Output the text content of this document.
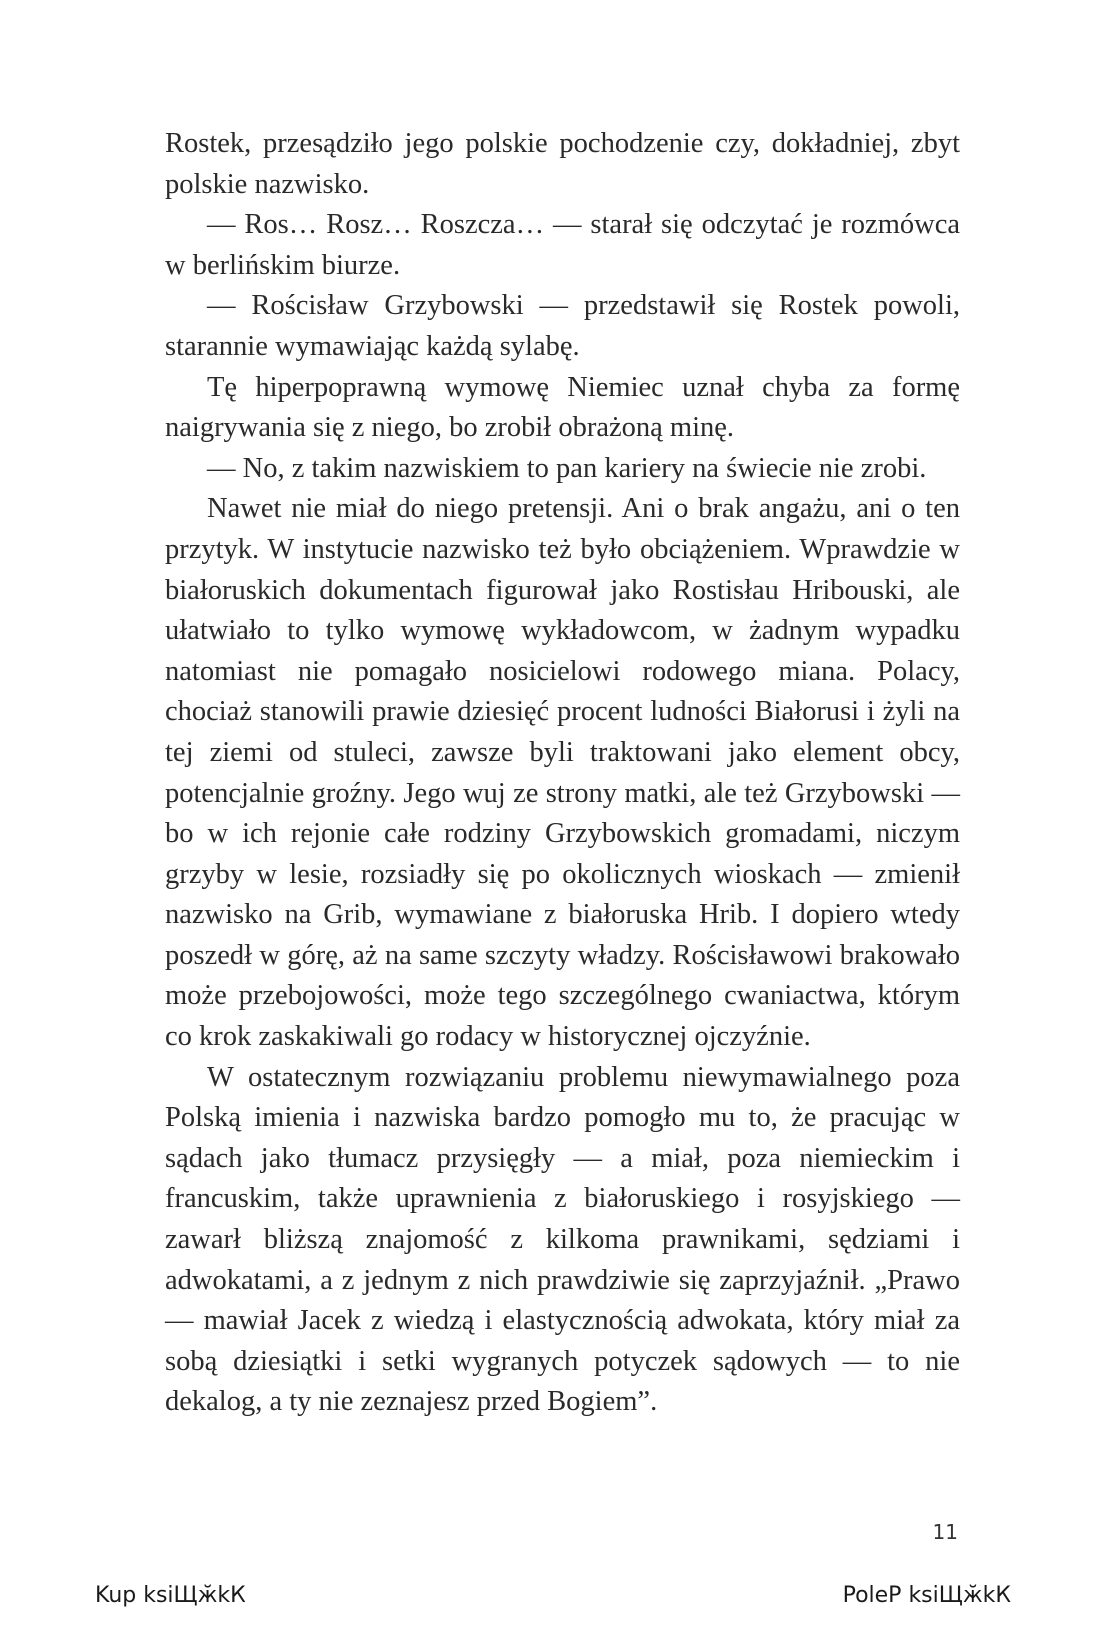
Rostek, przesądziło jego polskie pochodzenie czy, dokładniej, zbyt polskie nazwisko.

— Ros… Rosz… Roszcza… — starał się odczytać je rozmówca w berlińskim biurze.

— Rościsław Grzybowski — przedstawił się Rostek powoli, starannie wymawiając każdą sylabę.

Tę hiperpoprawną wymowę Niemiec uznał chyba za formę naigrywania się z niego, bo zrobił obrażoną minę.

— No, z takim nazwiskiem to pan kariery na świecie nie zrobi.

Nawet nie miał do niego pretensji. Ani o brak angażu, ani o ten przytyk. W instytucie nazwisko też było obciążeniem. Wprawdzie w białoruskich dokumentach figurował jako Rostisłau Hribouski, ale ułatwiało to tylko wymowę wykładowcom, w żadnym wypadku natomiast nie pomagało nosicielowi rodowego miana. Polacy, chociaż stanowili prawie dziesięć procent ludności Białorusi i żyli na tej ziemi od stuleci, zawsze byli traktowani jako element obcy, potencjalnie groźny. Jego wuj ze strony matki, ale też Grzybowski — bo w ich rejonie całe rodziny Grzybowskich gromadami, niczym grzyby w lesie, rozsiadły się po okolicznych wioskach — zmienił nazwisko na Grib, wymawiane z białoruska Hrib. I dopiero wtedy poszedł w górę, aż na same szczyty władzy. Rościsławowi brakowało może przebojowości, może tego szczególnego cwaniactwa, którym co krok zaskakiwali go rodacy w historycznej ojczyźnie.

W ostatecznym rozwiązaniu problemu niewymawialnego poza Polską imienia i nazwiska bardzo pomogło mu to, że pracując w sądach jako tłumacz przysięgły — a miał, poza niemieckim i francuskim, także uprawnienia z białoruskiego i rosyjskiego — zawarł bliższą znajomość z kilkoma prawnikami, sędziami i adwokatami, a z jednym z nich prawdziwie się zaprzyjaźnił. „Prawo — mawiał Jacek z wiedzą i elastycznością adwokata, który miał za sobą dziesiątki i setki wygranych potyczek sądowych — to nie dekalog, a ty nie zeznajesz przed Bogiem”.

11
Kup ksiЩӂkК	PoleР ksiЩӂkК
